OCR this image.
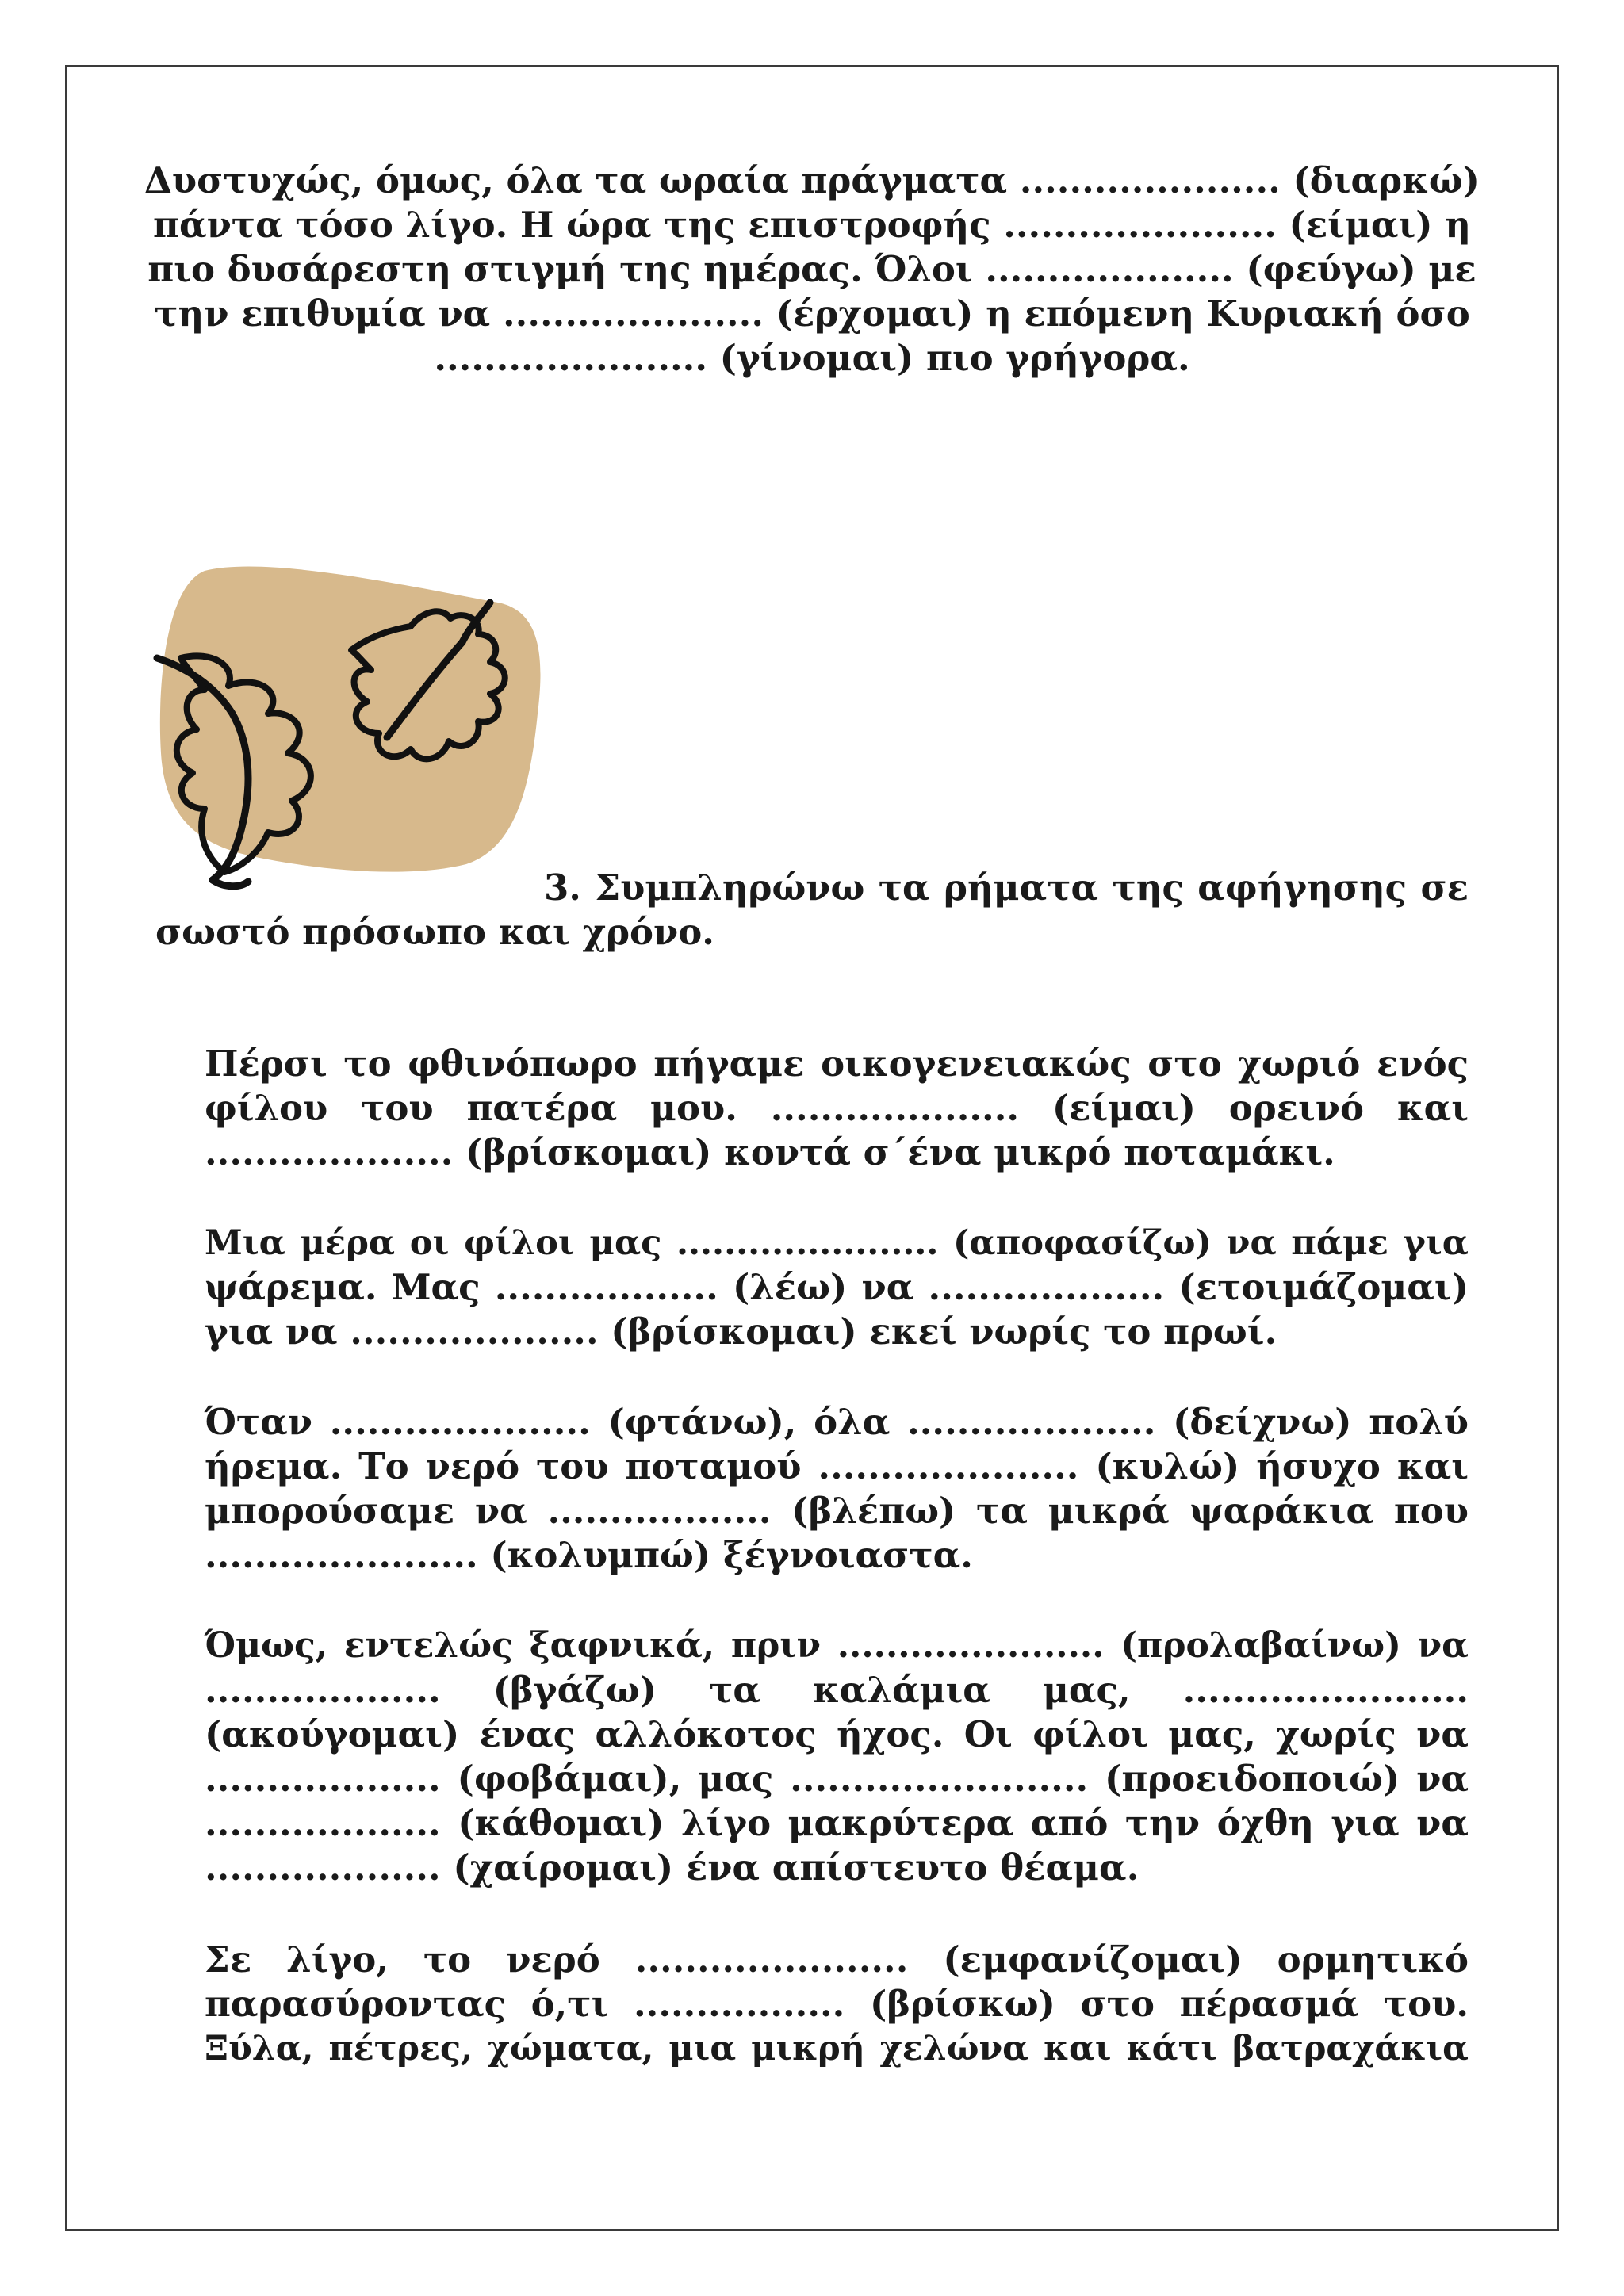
Δυστυχώς, όμως, όλα τα ωραία πράγματα ..................... (διαρκώ)
πάντα τόσο λίγο. Η ώρα της επιστροφής ...................... (είμαι) η
πιο δυσάρεστη στιγμή της ημέρας. Όλοι .................... (φεύγω) με
την επιθυμία να ..................... (έρχομαι) η επόμενη Κυριακή όσο
...................... (γίνομαι) πιο γρήγορα.
3. Συμπληρώνω τα ρήματα της αφήγησης σε
σωστό πρόσωπο και χρόνο.
Πέρσι το φθινόπωρο πήγαμε οικογενειακώς στο χωριό ενός
φίλου του πατέρα μου. .................... (είμαι) ορεινό και
.................... (βρίσκομαι) κοντά σ΄ένα μικρό ποταμάκι.
Μια μέρα οι φίλοι μας ...................... (αποφασίζω) να πάμε για
ψάρεμα. Μας .................. (λέω) να ................... (ετοιμάζομαι)
για να .................... (βρίσκομαι) εκεί νωρίς το πρωί.
Όταν ..................... (φτάνω), όλα .................... (δείχνω) πολύ
ήρεμα. Το νερό του ποταμού ..................... (κυλώ) ήσυχο και
μπορούσαμε να .................. (βλέπω) τα μικρά ψαράκια που
...................... (κολυμπώ) ξέγνοιαστα.
Όμως, εντελώς ξαφνικά, πριν ...................... (προλαβαίνω) να
................... (βγάζω) τα καλάμια μας, .......................
(ακούγομαι) ένας αλλόκοτος ήχος. Οι φίλοι μας, χωρίς να
................... (φοβάμαι), μας ........................ (προειδοποιώ) να
................... (κάθομαι) λίγο μακρύτερα από την όχθη για να
................... (χαίρομαι) ένα απίστευτο θέαμα.
Σε λίγο, το νερό ...................... (εμφανίζομαι) ορμητικό
παρασύροντας ό,τι ................. (βρίσκω) στο πέρασμά του.
Ξύλα, πέτρες, χώματα, μια μικρή χελώνα και κάτι βατραχάκια
